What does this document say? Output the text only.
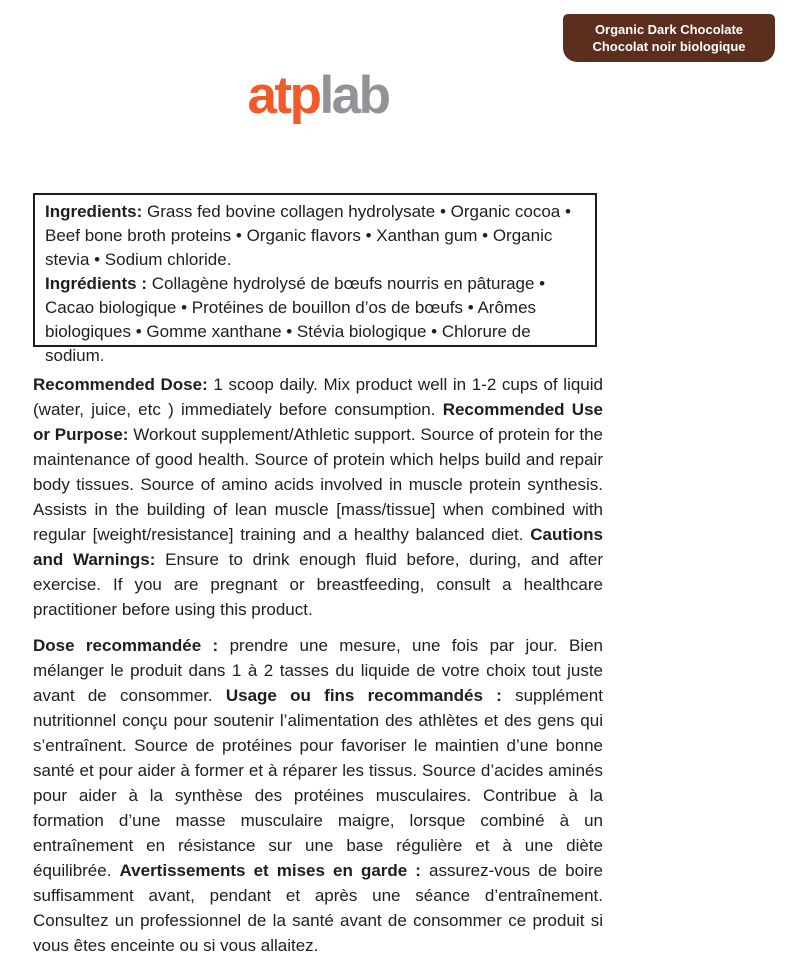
Organic Dark Chocolate
Chocolat noir biologique
atplab

Ingredients: Grass fed bovine collagen hydrolysate • Organic cocoa • Beef bone broth proteins • Organic flavors • Xanthan gum • Organic stevia • Sodium chloride.

Ingrédients : Collagène hydrolysé de bœufs nourris en pâturage • Cacao biologique • Protéines de bouillon d’os de bœufs • Arômes biologiques • Gomme xanthane • Stévia biologique • Chlorure de sodium.

Recommended Dose: 1 scoop daily. Mix product well in 1-2 cups of liquid (water, juice, etc ) immediately before consumption. Recommended Use or Purpose: Workout supplement/Athletic support. Source of protein for the maintenance of good health. Source of protein which helps build and repair body tissues. Source of amino acids involved in muscle protein synthesis. Assists in the building of lean muscle [mass/tissue] when combined with regular [weight/resistance] training and a healthy balanced diet. Cautions and Warnings: Ensure to drink enough fluid before, during, and after exercise. If you are pregnant or breastfeeding, consult a healthcare practitioner before using this product.

Dose recommandée : prendre une mesure, une fois par jour. Bien mélanger le produit dans 1 à 2 tasses du liquide de votre choix tout juste avant de consommer. Usage ou fins recommandés : supplément nutritionnel conçu pour soutenir l’alimentation des athlètes et des gens qui s’entraînent. Source de protéines pour favoriser le maintien d’une bonne santé et pour aider à former et à réparer les tissus. Source d’acides aminés pour aider à la synthèse des protéines musculaires. Contribue à la formation d’une masse musculaire maigre, lorsque combiné à un entraînement en résistance sur une base régulière et à une diète équilibrée. Avertissements et mises en garde : assurez-vous de boire suffisamment avant, pendant et après une séance d’entraînement. Consultez un professionnel de la santé avant de consommer ce produit si vous êtes enceinte ou si vous allaitez.
